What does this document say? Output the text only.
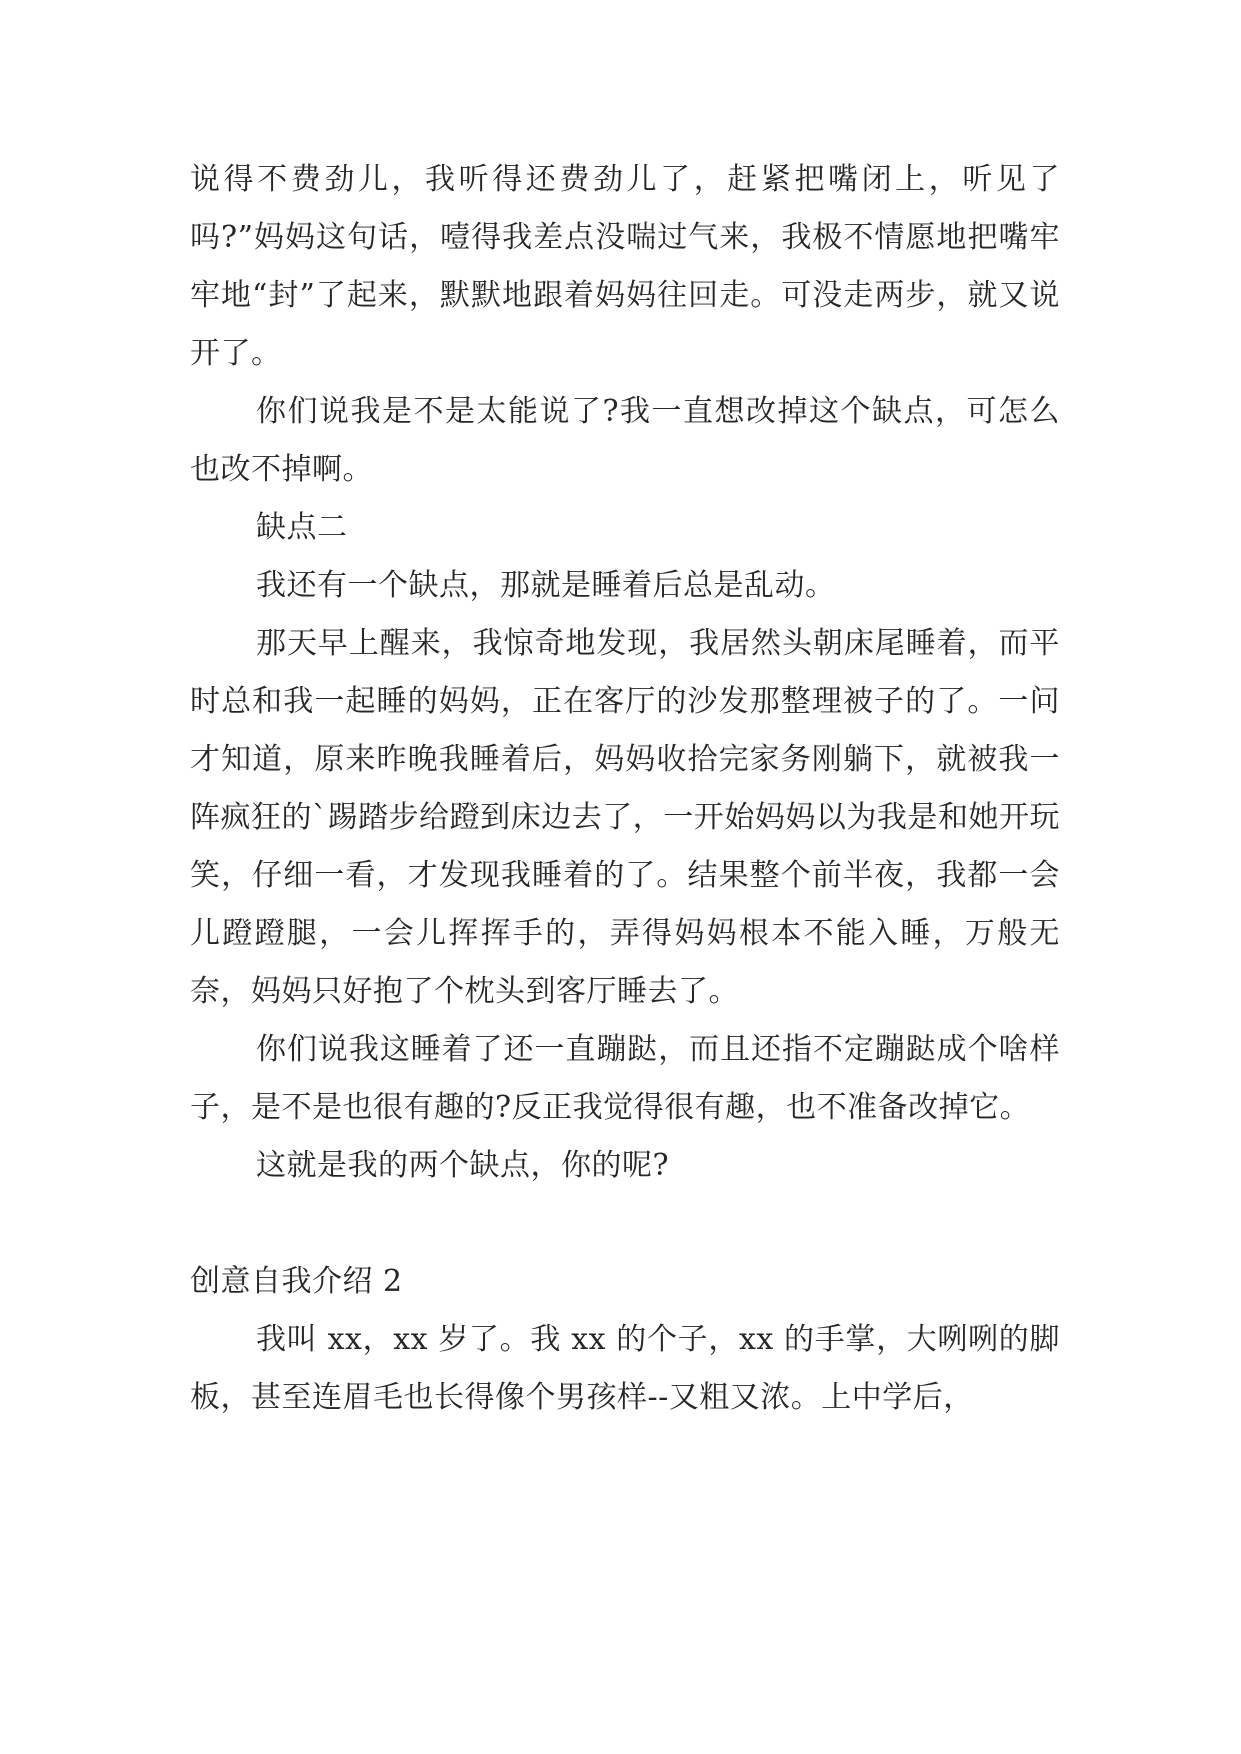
说得不费劲儿，我听得还费劲儿了，赶紧把嘴闭上，听见了吗?”妈妈这句话，噎得我差点没喘过气来，我极不情愿地把嘴牢牢地“封”了起来，默默地跟着妈妈往回走。可没走两步，就又说开了。

你们说我是不是太能说了?我一直想改掉这个缺点，可怎么也改不掉啊。

缺点二

我还有一个缺点，那就是睡着后总是乱动。

那天早上醒来，我惊奇地发现，我居然头朝床尾睡着，而平时总和我一起睡的妈妈，正在客厅的沙发那整理被子的了。一问才知道，原来昨晚我睡着后，妈妈收拾完家务刚躺下，就被我一阵疯狂的`踢踏步给蹬到床边去了，一开始妈妈以为我是和她开玩笑，仔细一看，才发现我睡着的了。结果整个前半夜，我都一会儿蹬蹬腿，一会儿挥挥手的，弄得妈妈根本不能入睡，万般无奈，妈妈只好抱了个枕头到客厅睡去了。

你们说我这睡着了还一直蹦跶，而且还指不定蹦跶成个啥样子，是不是也很有趣的?反正我觉得很有趣，也不准备改掉它。

这就是我的两个缺点，你的呢?

创意自我介绍 2

我叫 xx，xx 岁了。我 xx 的个子，xx 的手掌，大咧咧的脚板，甚至连眉毛也长得像个男孩样--又粗又浓。上中学后，
